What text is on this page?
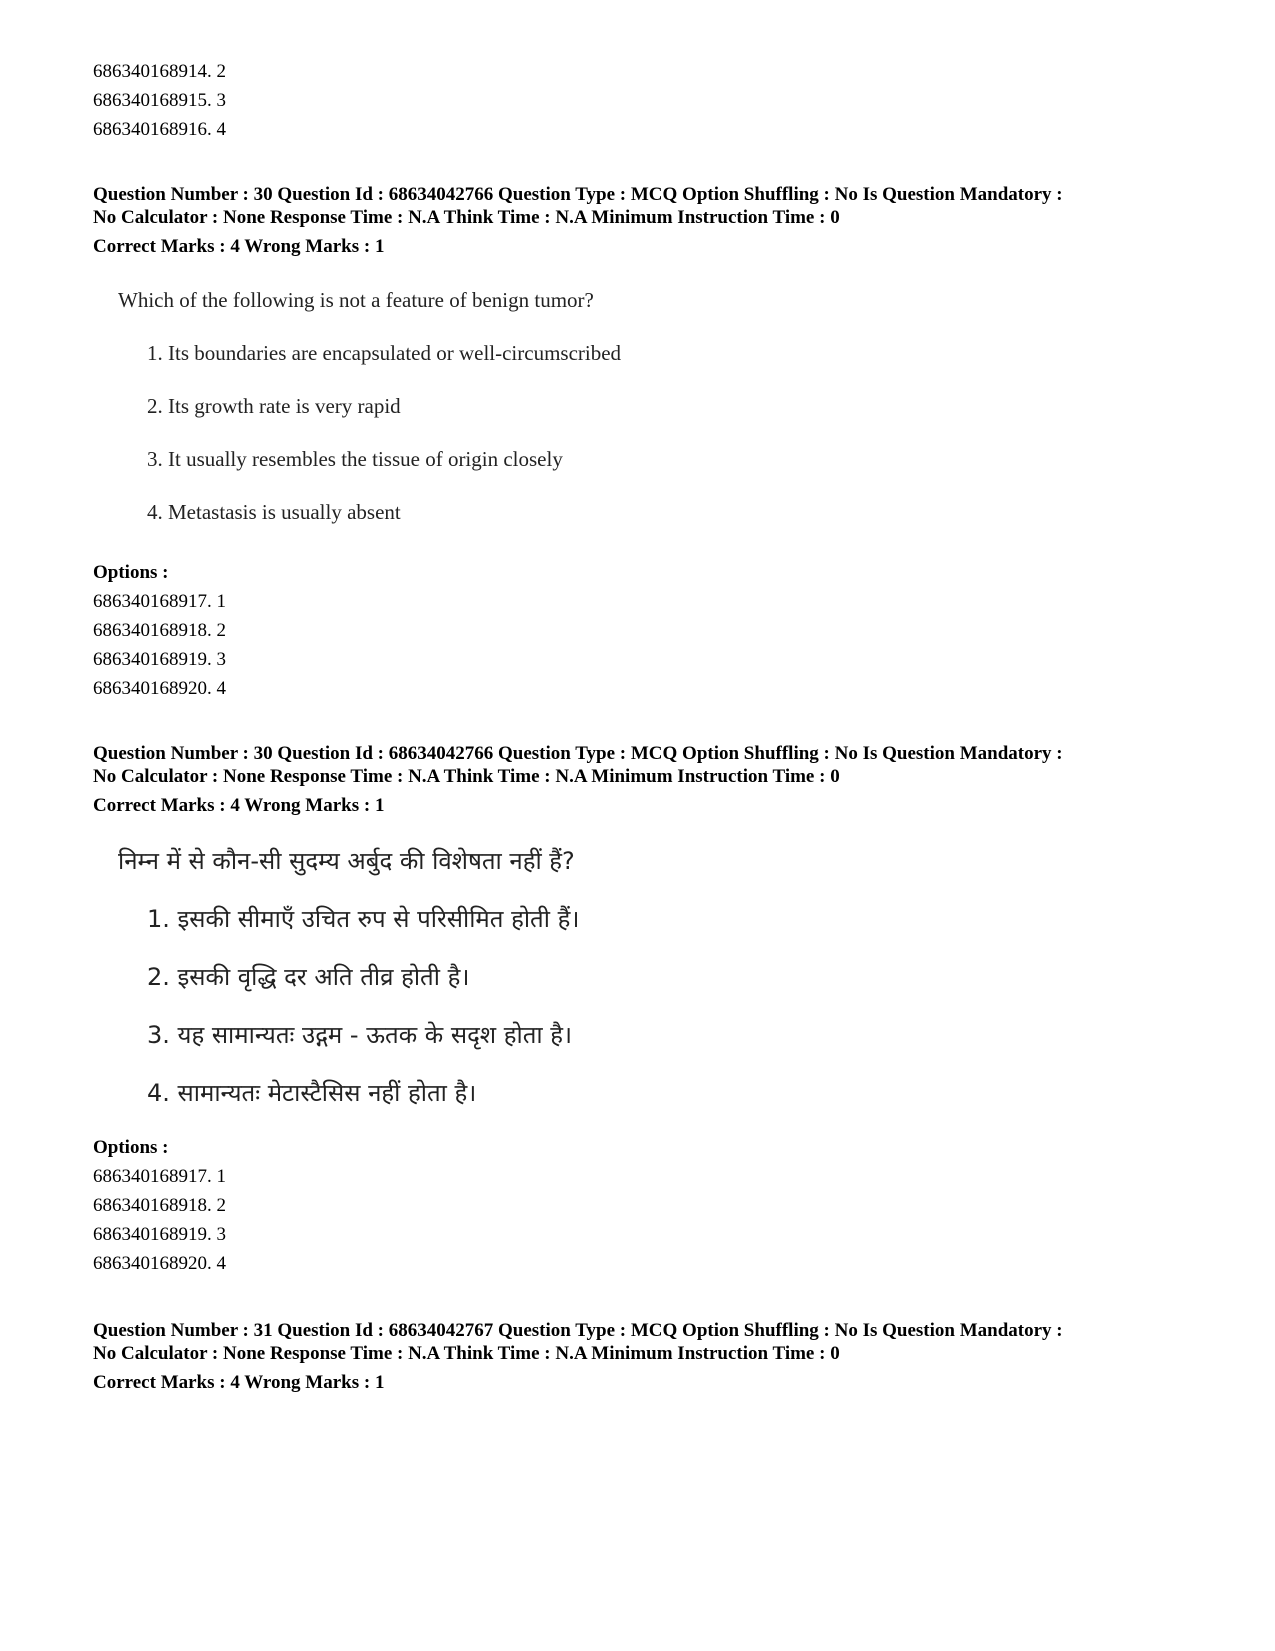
686340168914. 2
686340168915. 3
686340168916. 4
Question Number : 30 Question Id : 68634042766 Question Type : MCQ Option Shuffling : No Is Question Mandatory :
No Calculator : None Response Time : N.A Think Time : N.A Minimum Instruction Time : 0
Correct Marks : 4 Wrong Marks : 1
Which of the following is not a feature of benign tumor?
1. Its boundaries are encapsulated or well-circumscribed
2. Its growth rate is very rapid
3. It usually resembles the tissue of origin closely
4. Metastasis is usually absent
Options :
686340168917. 1
686340168918. 2
686340168919. 3
686340168920. 4
Question Number : 30 Question Id : 68634042766 Question Type : MCQ Option Shuffling : No Is Question Mandatory :
No Calculator : None Response Time : N.A Think Time : N.A Minimum Instruction Time : 0
Correct Marks : 4 Wrong Marks : 1
निम्न में से कौन-सी सुदम्य अर्बुद की विशेषता नहीं हैं?
1. इसकी सीमाएँ उचित रुप से परिसीमित होती हैं।
2. इसकी वृद्धि दर अति तीव्र होती है।
3. यह सामान्यतः उद्गम - ऊतक के सदृश होता है।
4. सामान्यतः मेटास्टैसिस नहीं होता है।
Options :
686340168917. 1
686340168918. 2
686340168919. 3
686340168920. 4
Question Number : 31 Question Id : 68634042767 Question Type : MCQ Option Shuffling : No Is Question Mandatory :
No Calculator : None Response Time : N.A Think Time : N.A Minimum Instruction Time : 0
Correct Marks : 4 Wrong Marks : 1
